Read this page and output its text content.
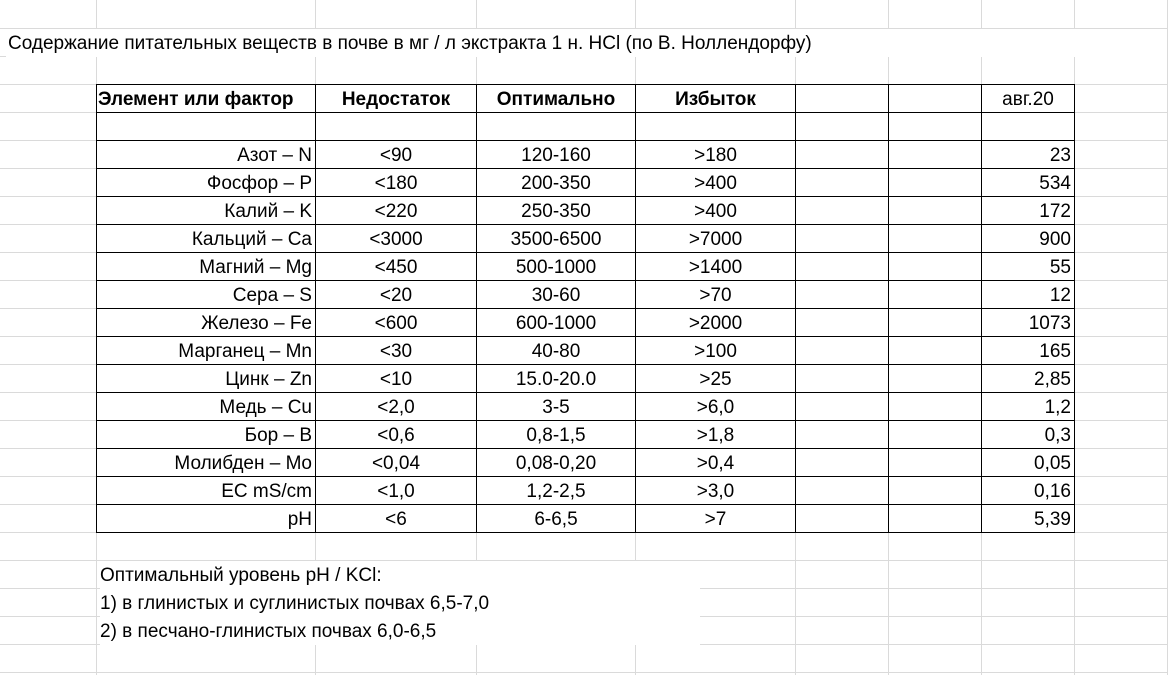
Содержание питательных веществ в почве в мг / л экстракта 1 н. HCl (по В. Ноллендорфу)
Элемент или фактор	Недостаток	Оптимально	Избыток	авг.20
Азот – N	<90	120-160	>180	23
Фосфор – P	<180	200-350	>400	534
Калий – K	<220	250-350	>400	172
Кальций – Ca	<3000	3500-6500	>7000	900
Магний – Mg	<450	500-1000	>1400	55
Сера – S	<20	30-60	>70	12
Железо – Fe	<600	600-1000	>2000	1073
Марганец – Mn	<30	40-80	>100	165
Цинк – Zn	<10	15.0-20.0	>25	2,85
Медь – Cu	<2,0	3-5	>6,0	1,2
Бор – B	<0,6	0,8-1,5	>1,8	0,3
Молибден – Mo	<0,04	0,08-0,20	>0,4	0,05
EC mS/cm	<1,0	1,2-2,5	>3,0	0,16
pH	<6	6-6,5	>7	5,39
Оптимальный уровень pH / KCl:
1) в глинистых и суглинистых почвах 6,5-7,0
2) в песчано-глинистых почвах 6,0-6,5
